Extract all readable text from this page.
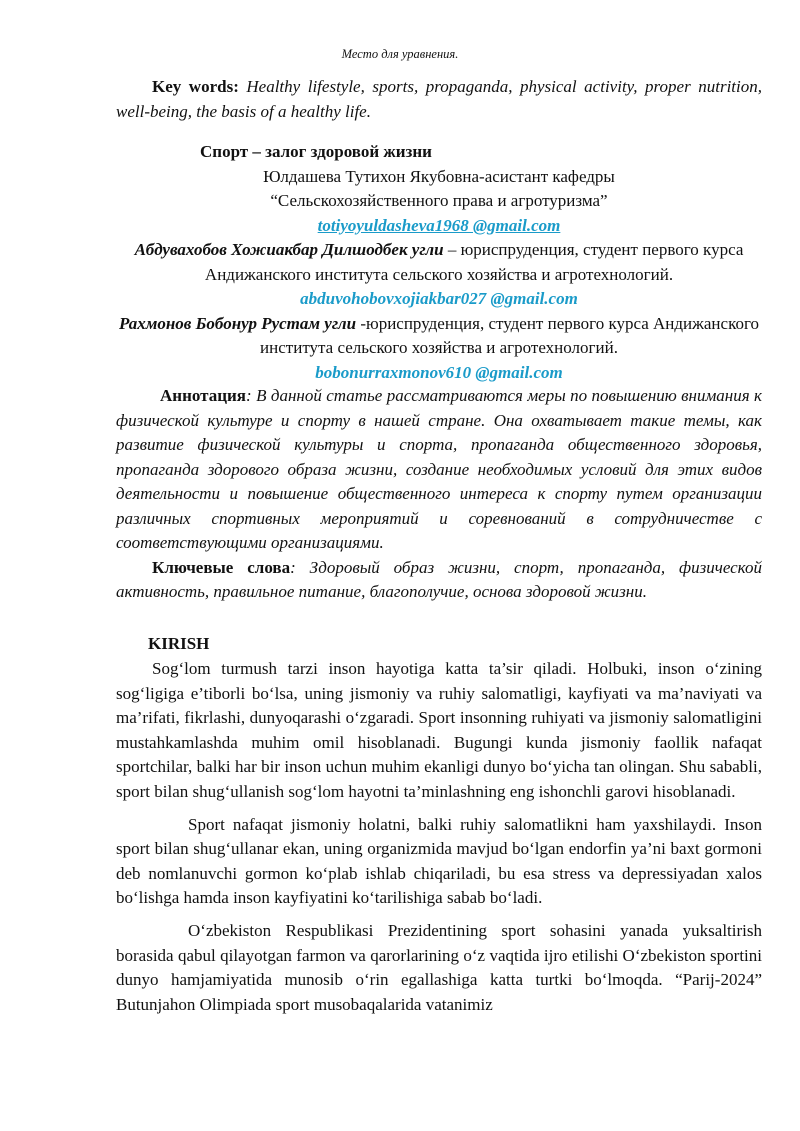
Место для уравнения.
Key words: Healthy lifestyle, sports, propaganda, physical activity, proper nutrition, well-being, the basis of a healthy life.

Спорт – залог здоровой жизни

Юлдашева Тутихон Якубовна-асистант кафедры

“Сельскохозяйственного права и агротуризма”

totiyoyuldasheva1968 @gmail.com

Абдувахобов Хожиакбар Дилшодбек угли – юриспруденция, студент первого курса Андижанского института сельского хозяйства и агротехнологий.

abduvohobovxojiakbar027 @gmail.com

Рахмонов Бобонур Рустам угли -юриспруденция, студент первого курса Андижанского института сельского хозяйства и агротехнологий.

bobonurraxmonov610 @gmail.com

Аннотация: В данной статье рассматриваются меры по повышению внимания к физической культуре и спорту в нашей стране. Она охватывает такие темы, как развитие физической культуры и спорта, пропаганда общественного здоровья, пропаганда здорового образа жизни, создание необходимых условий для этих видов деятельности и повышение общественного интереса к спорту путем организации различных спортивных мероприятий и соревнований в сотрудничестве с соответствующими организациями.

Ключевые слова: Здоровый образ жизни, спорт, пропаганда, физической активность, правильное питание, благополучие, основа здоровой жизни.

KIRISH

Sog‘lom turmush tarzi inson hayotiga katta ta’sir qiladi. Holbuki, inson o‘zining sog‘ligiga e’tiborli bo‘lsa, uning jismoniy va ruhiy salomatligi, kayfiyati va ma’naviyati va ma’rifati, fikrlashi, dunyoqarashi o‘zgaradi. Sport insonning ruhiyati va jismoniy salomatligini mustahkamlashda muhim omil hisoblanadi. Bugungi kunda jismoniy faollik nafaqat sportchilar, balki har bir inson uchun muhim ekanligi dunyo bo‘yicha tan olingan. Shu sababli, sport bilan shug‘ullanish sog‘lom hayotni ta’minlashning eng ishonchli garovi hisoblanadi.

Sport nafaqat jismoniy holatni, balki ruhiy salomatlikni ham yaxshilaydi. Inson sport bilan shug‘ullanar ekan, uning organizmida mavjud bo‘lgan endorfin ya’ni baxt gormoni deb nomlanuvchi gormon ko‘plab ishlab chiqariladi, bu esa stress va depressiyadan xalos bo‘lishga hamda inson kayfiyatini ko‘tarilishiga sabab bo‘ladi.

O‘zbekiston Respublikasi Prezidentining sport sohasini yanada yuksaltirish borasida qabul qilayotgan farmon va qarorlarining o‘z vaqtida ijro etilishi O‘zbekiston sportini dunyo hamjamiyatida munosib o‘rin egallashiga katta turtki bo‘lmoqda. “Parij-2024” Butunjahon Olimpiada sport musobaqalarida vatanimiz
